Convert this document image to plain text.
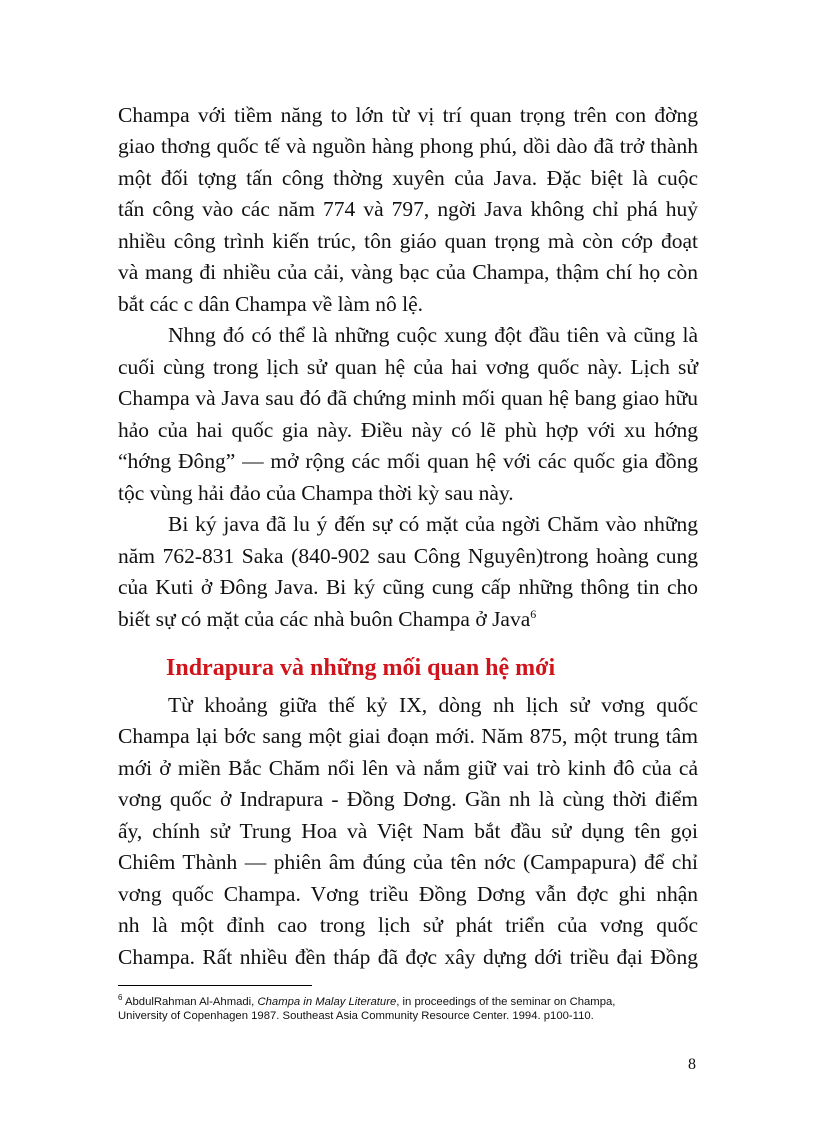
Champa với tiềm năng to lớn từ vị trí quan trọng trên con đờng
giao thơng quốc tế và nguồn hàng phong phú, dồi dào đã trở thành
một đối tợng tấn công thờng xuyên của Java. Đặc biệt là cuộc
tấn công vào các năm 774 và 797, ngời Java không chỉ phá huỷ
nhiều công trình kiến trúc, tôn giáo quan trọng mà còn cớp đoạt
và mang đi nhiều của cải, vàng bạc của Champa, thậm chí họ còn
bắt các c dân Champa về làm nô lệ.
Nhng đó có thể là những cuộc xung đột đầu tiên và cũng là
cuối cùng trong lịch sử quan hệ của hai vơng quốc này. Lịch sử
Champa và Java sau đó đã chứng minh mối quan hệ bang giao hữu
hảo của hai quốc gia này. Điều này có lẽ phù hợp với xu hớng
“hớng Đông” — mở rộng các mối quan hệ với các quốc gia đồng
tộc vùng hải đảo của Champa thời kỳ sau này.
Bi ký java đã lu ý đến sự có mặt của ngời Chăm vào những
năm 762-831 Saka (840-902 sau Công Nguyên)trong hoàng cung
của Kuti ở Đông Java. Bi ký cũng cung cấp những thông tin cho
biết sự có mặt của các nhà buôn Champa ở Java$^6$
Indrapura và những mối quan hệ mới
Từ khoảng giữa thế kỷ IX, dòng nh lịch sử vơng quốc
Champa lại bớc sang một giai đoạn mới. Năm 875, một trung tâm
mới ở miền Bắc Chăm nổi lên và nắm giữ vai trò kinh đô của cả
vơng quốc ở Indrapura - Đồng Dơng. Gần nh là cùng thời điểm
ấy, chính sử Trung Hoa và Việt Nam bắt đầu sử dụng tên gọi
Chiêm Thành — phiên âm đúng của tên nớc (Campapura) để chỉ
vơng quốc Champa. Vơng triều Đồng Dơng vẫn đợc ghi nhận
nh là một đỉnh cao trong lịch sử phát triển của vơng quốc
Champa. Rất nhiều đền tháp đã đợc xây dựng dới triều đại Đồng
$^6$ AbdulRahman Al-Ahmadi, Champa in Malay Literature, in proceedings of the seminar on Champa,
University of Copenhagen 1987. Southeast Asia Community Resource Center. 1994. p100-110.
8
